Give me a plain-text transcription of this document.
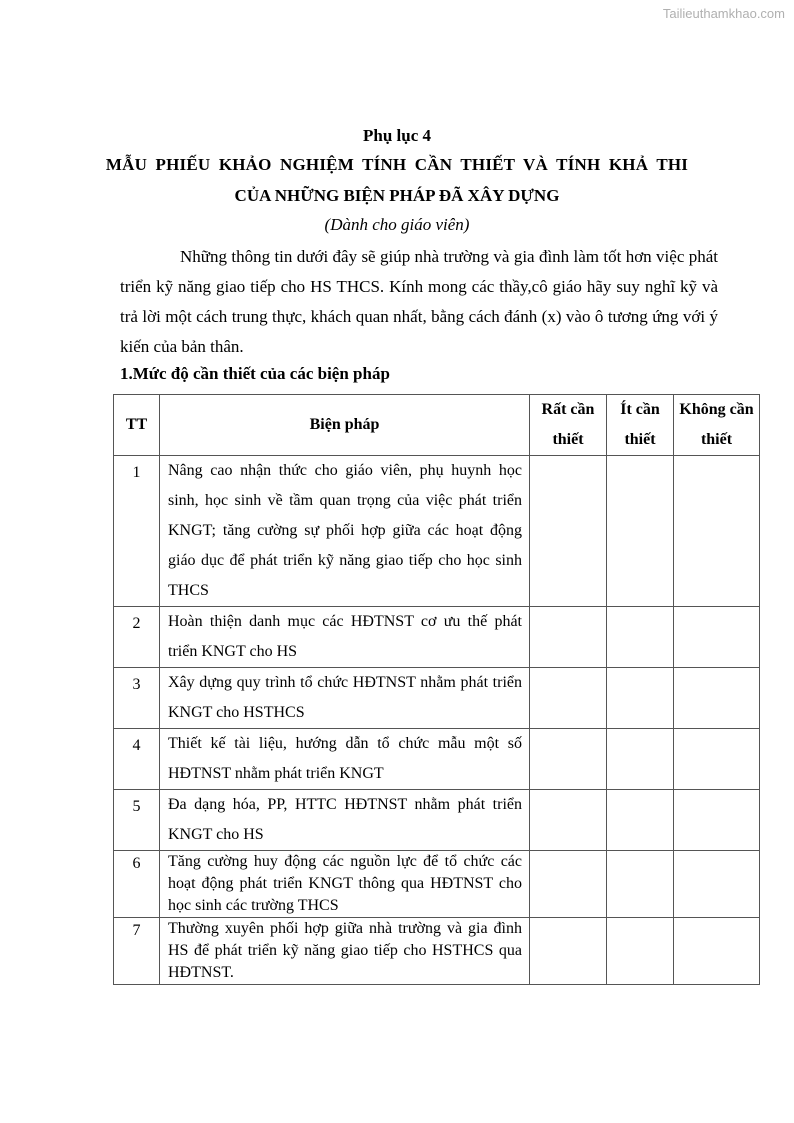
Tailieuthamkhao.com
Phụ lục 4
MẪU PHIẾU KHẢO NGHIỆM TÍNH CẦN THIẾT VÀ TÍNH KHẢ THI
CỦA NHỮNG BIỆN PHÁP ĐÃ XÂY DỰNG
(Dành cho giáo viên)

Những thông tin dưới đây sẽ giúp nhà trường và gia đình làm tốt hơn việc phát triển kỹ năng giao tiếp cho HS THCS. Kính mong các thầy,cô giáo hãy suy nghĩ kỹ và trả lời một cách trung thực, khách quan nhất, bằng cách đánh (x) vào ô tương ứng với ý kiến của bản thân.

1.Mức độ cần thiết của các biện pháp
TT	Biện pháp	Rất cần thiết	Ít cần thiết	Không cần thiết
1	Nâng cao nhận thức cho giáo viên, phụ huynh học sinh, học sinh về tầm quan trọng của việc phát triển KNGT; tăng cường sự phối hợp giữa các hoạt động giáo dục để phát triển kỹ năng giao tiếp cho học sinh THCS			
2	Hoàn thiện danh mục các HĐTNST cơ ưu thế phát triển KNGT cho HS			
3	Xây dựng quy trình tổ chức HĐTNST nhằm phát triển KNGT cho HSTHCS			
4	Thiết kế tài liệu, hướng dẫn tổ chức mẫu một số HĐTNST nhằm phát triển KNGT			
5	Đa dạng hóa, PP, HTTC HĐTNST nhằm phát triển KNGT cho HS			
6	Tăng cường huy động các nguồn lực để tổ chức các hoạt động phát triển KNGT thông qua HĐTNST cho học sinh các trường THCS			
7	Thường xuyên phối hợp giữa nhà trường và gia đình HS để phát triển kỹ năng giao tiếp cho HSTHCS qua HĐTNST.			
